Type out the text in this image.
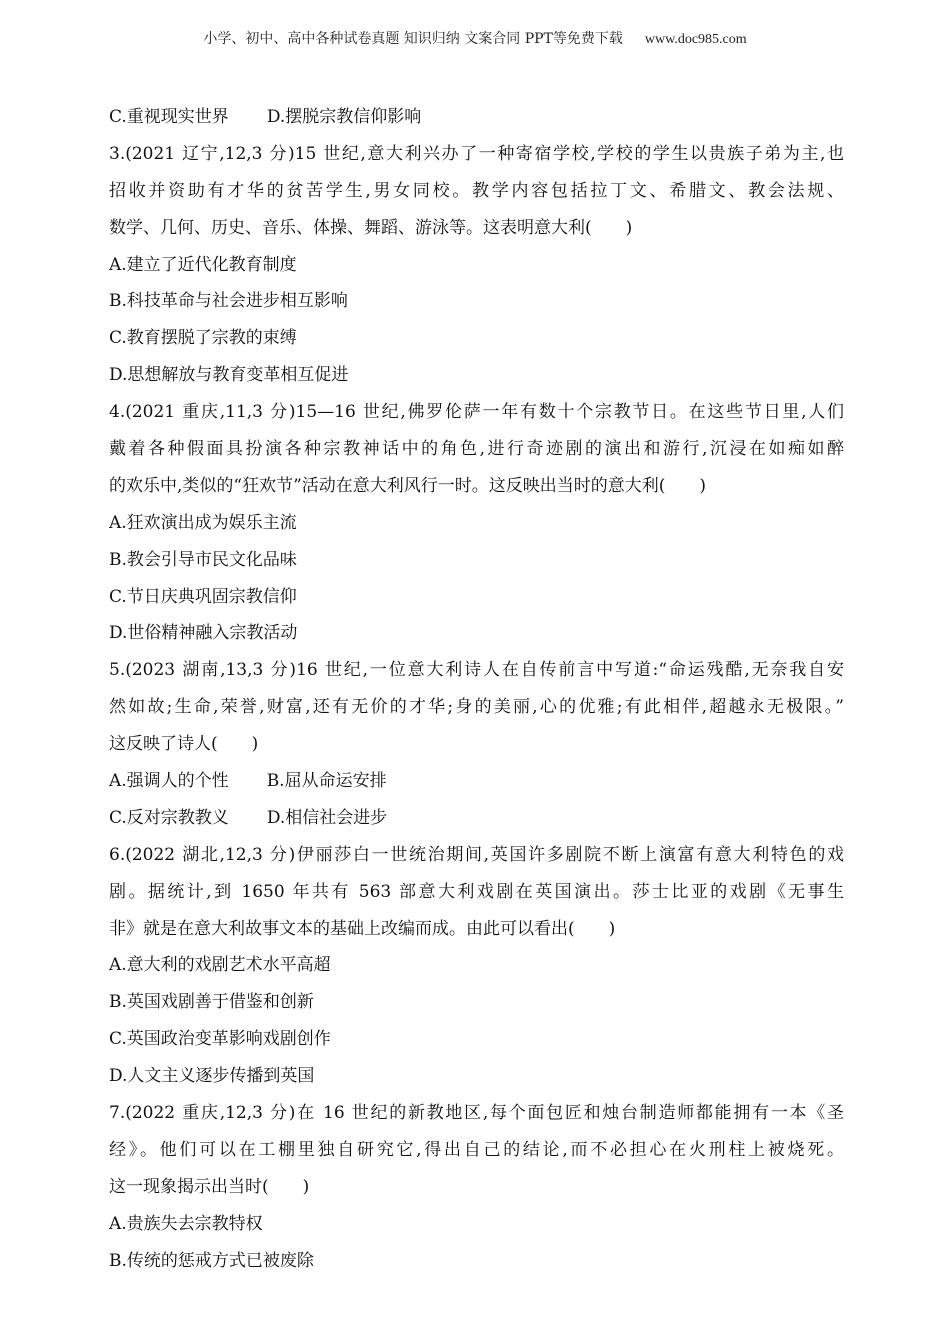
小学、初中、高中各种试卷真题 知识归纳 文案合同 PPT等免费下载 www.doc985.com
C.重视现实世界 D.摆脱宗教信仰影响
3.(2021 辽宁,12,3 分)15 世纪,意大利兴办了一种寄宿学校,学校的学生以贵族子弟为主,也
招收并资助有才华的贫苦学生,男女同校。教学内容包括拉丁文、希腊文、教会法规、
数学、几何、历史、音乐、体操、舞蹈、游泳等。这表明意大利(　　)
A.建立了近代化教育制度
B.科技革命与社会进步相互影响
C.教育摆脱了宗教的束缚
D.思想解放与教育变革相互促进
4.(2021 重庆,11,3 分)15—16 世纪,佛罗伦萨一年有数十个宗教节日。在这些节日里,人们
戴着各种假面具扮演各种宗教神话中的角色,进行奇迹剧的演出和游行,沉浸在如痴如醉
的欢乐中,类似的“狂欢节”活动在意大利风行一时。这反映出当时的意大利(　　)
A.狂欢演出成为娱乐主流
B.教会引导市民文化品味
C.节日庆典巩固宗教信仰
D.世俗精神融入宗教活动
5.(2023 湖南,13,3 分)16 世纪,一位意大利诗人在自传前言中写道:“命运残酷,无奈我自安
然如故;生命,荣誉,财富,还有无价的才华;身的美丽,心的优雅;有此相伴,超越永无极限。”
这反映了诗人(　　)
A.强调人的个性 B.屈从命运安排
C.反对宗教教义 D.相信社会进步
6.(2022 湖北,12,3 分)伊丽莎白一世统治期间,英国许多剧院不断上演富有意大利特色的戏
剧。据统计,到 1650 年共有 563 部意大利戏剧在英国演出。莎士比亚的戏剧《无事生
非》就是在意大利故事文本的基础上改编而成。由此可以看出(　　)
A.意大利的戏剧艺术水平高超
B.英国戏剧善于借鉴和创新
C.英国政治变革影响戏剧创作
D.人文主义逐步传播到英国
7.(2022 重庆,12,3 分)在 16 世纪的新教地区,每个面包匠和烛台制造师都能拥有一本《圣
经》。他们可以在工棚里独自研究它,得出自己的结论,而不必担心在火刑柱上被烧死。
这一现象揭示出当时(　　)
A.贵族失去宗教特权
B.传统的惩戒方式已被废除
